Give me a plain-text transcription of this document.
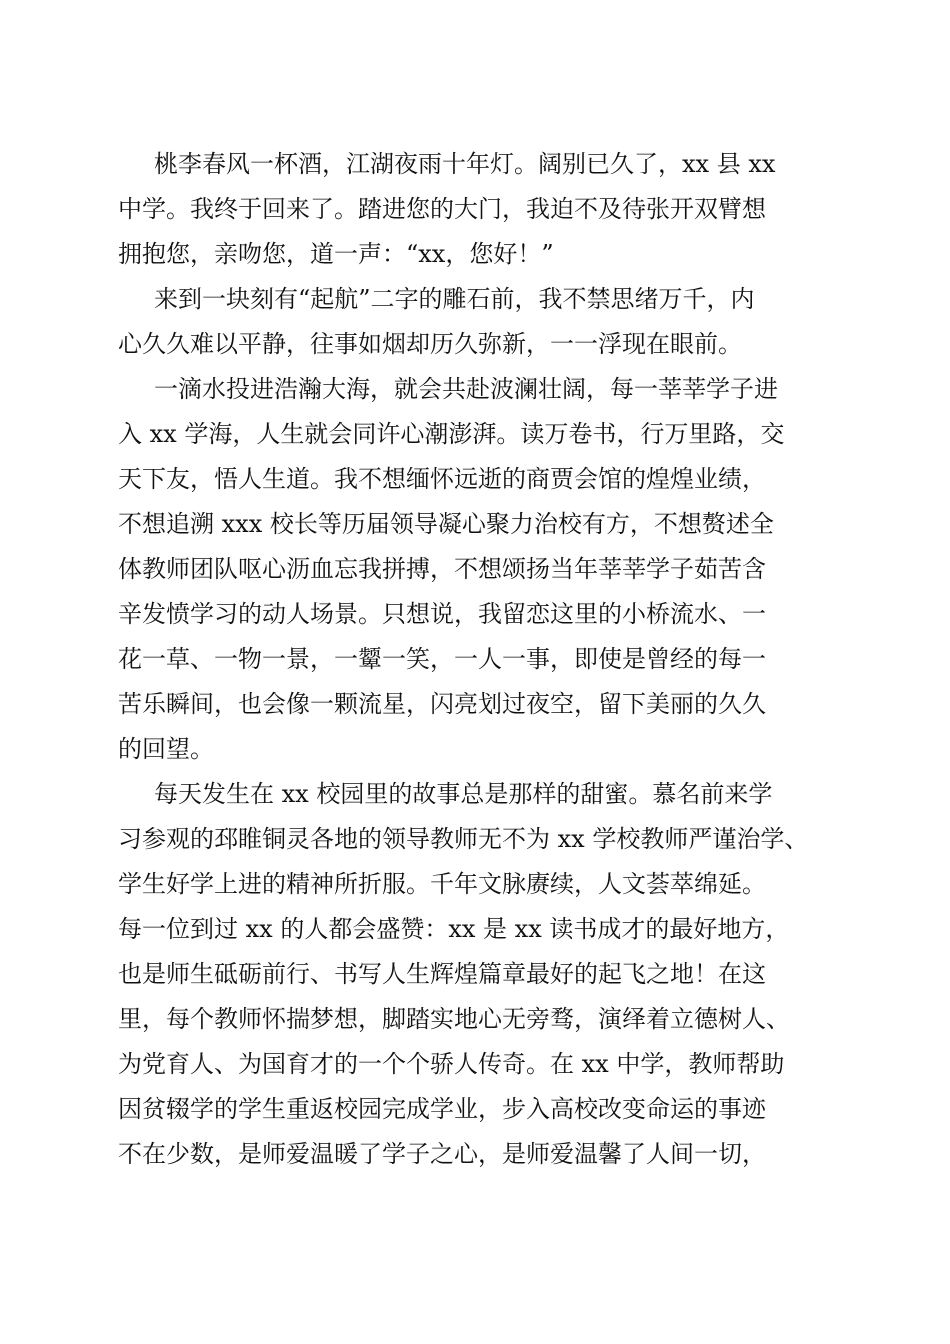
桃李春风一杯酒，江湖夜雨十年灯。阔别已久了，xx 县 xx
中学。我终于回来了。踏进您的大门，我迫不及待张开双臂想
拥抱您，亲吻您，道一声：“xx，您好！”

来到一块刻有“起航”二字的雕石前，我不禁思绪万千，内
心久久难以平静，往事如烟却历久弥新，一一浮现在眼前。

一滴水投进浩瀚大海，就会共赴波澜壮阔，每一莘莘学子进
入 xx 学海，人生就会同许心潮澎湃。读万卷书，行万里路，交
天下友，悟人生道。我不想缅怀远逝的商贾会馆的煌煌业绩，
不想追溯 xxx 校长等历届领导凝心聚力治校有方，不想赘述全
体教师团队呕心沥血忘我拼搏，不想颂扬当年莘莘学子茹苦含
辛发愤学习的动人场景。只想说，我留恋这里的小桥流水、一
花一草、一物一景，一颦一笑，一人一事，即使是曾经的每一
苦乐瞬间，也会像一颗流星，闪亮划过夜空，留下美丽的久久
的回望。

每天发生在 xx 校园里的故事总是那样的甜蜜。慕名前来学
习参观的邳睢铜灵各地的领导教师无不为 xx 学校教师严谨治学、
学生好学上进的精神所折服。千年文脉赓续，人文荟萃绵延。
每一位到过 xx 的人都会盛赞：xx 是 xx 读书成才的最好地方，
也是师生砥砺前行、书写人生辉煌篇章最好的起飞之地！在这
里，每个教师怀揣梦想，脚踏实地心无旁骛，演绎着立德树人、
为党育人、为国育才的一个个骄人传奇。在 xx 中学，教师帮助
因贫辍学的学生重返校园完成学业，步入高校改变命运的事迹
不在少数，是师爱温暖了学子之心，是师爱温馨了人间一切，
